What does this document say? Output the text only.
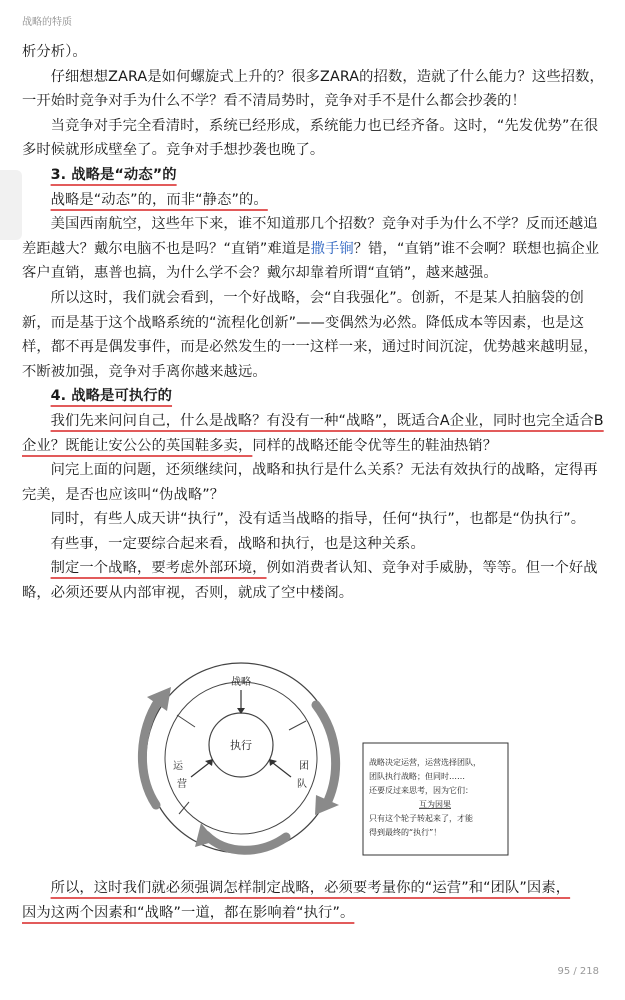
战略的特质

析分析）。

仔细想想ZARA是如何螺旋式上升的？很多ZARA的招数，造就了什么能力？这些招数，一开始时竞争对手为什么不学？看不清局势时，竞争对手不是什么都会抄袭的！

当竞争对手完全看清时，系统已经形成，系统能力也已经齐备。这时，“先发优势”在很多时候就形成壁垒了。竞争对手想抄袭也晚了。

3. 战略是“动态”的

战略是“动态”的，而非“静态”的。

美国西南航空，这些年下来，谁不知道那几个招数？竞争对手为什么不学？反而还越追差距越大？戴尔电脑不也是吗？“直销”难道是撒手锏？错，“直销”谁不会啊？联想也搞企业客户直销，惠普也搞，为什么学不会？戴尔却靠着所谓“直销”，越来越强。

所以这时，我们就会看到，一个好战略，会“自我强化”。创新，不是某人拍脑袋的创新，而是基于这个战略系统的“流程化创新”——变偶然为必然。降低成本等因素，也是这样，都不再是偶发事件，而是必然发生的一一这样一来，通过时间沉淀，优势越来越明显，不断被加强，竞争对手离你越来越远。

4. 战略是可执行的

我们先来问问自己，什么是战略？有没有一种“战略”，既适合A企业，同时也完全适合B企业？既能让安公公的英国鞋多卖，同样的战略还能令优等生的鞋油热销？

问完上面的问题，还须继续问，战略和执行是什么关系？无法有效执行的战略，定得再完美，是否也应该叫“伪战略”？

同时，有些人成天讲“执行”，没有适当战略的指导，任何“执行”，也都是“伪执行”。

有些事，一定要综合起来看，战略和执行，也是这种关系。

制定一个战略，要考虑外部环境，例如消费者认知、竞争对手威胁，等等。但一个好战略，必须还要从内部审视，否则，就成了空中楼阁。

战略
执行
运
营
团
队
战略决定运营，运营选择团队，
团队执行战略；但同时……
还要反过来思考，因为它们：
互为因果
只有这个轮子转起来了，才能
得到最终的“执行”！

所以，这时我们就必须强调怎样制定战略，必须要考量你的“运营”和“团队”因素，

因为这两个因素和“战略”一道，都在影响着“执行”。

95 / 218
